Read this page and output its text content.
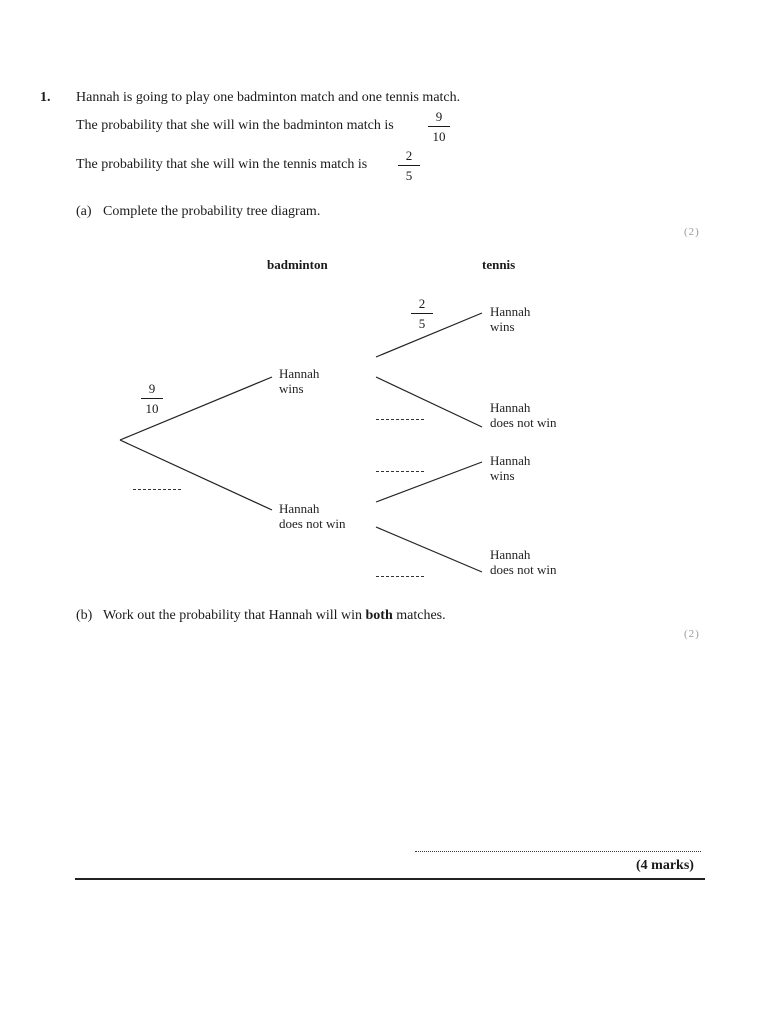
1. Hannah is going to play one badminton match and one tennis match.
The probability that she will win the badminton match is
9
10
The probability that she will win the tennis match is
2
5
(a) Complete the probability tree diagram.
(2)
badminton	tennis
9
10
2
5
Hannah
wins
Hannah
does not win
Hannah
wins
Hannah
does not win
Hannah
wins
Hannah
does not win
(b) Work out the probability that Hannah will win both matches.
(2)
(4 marks)
